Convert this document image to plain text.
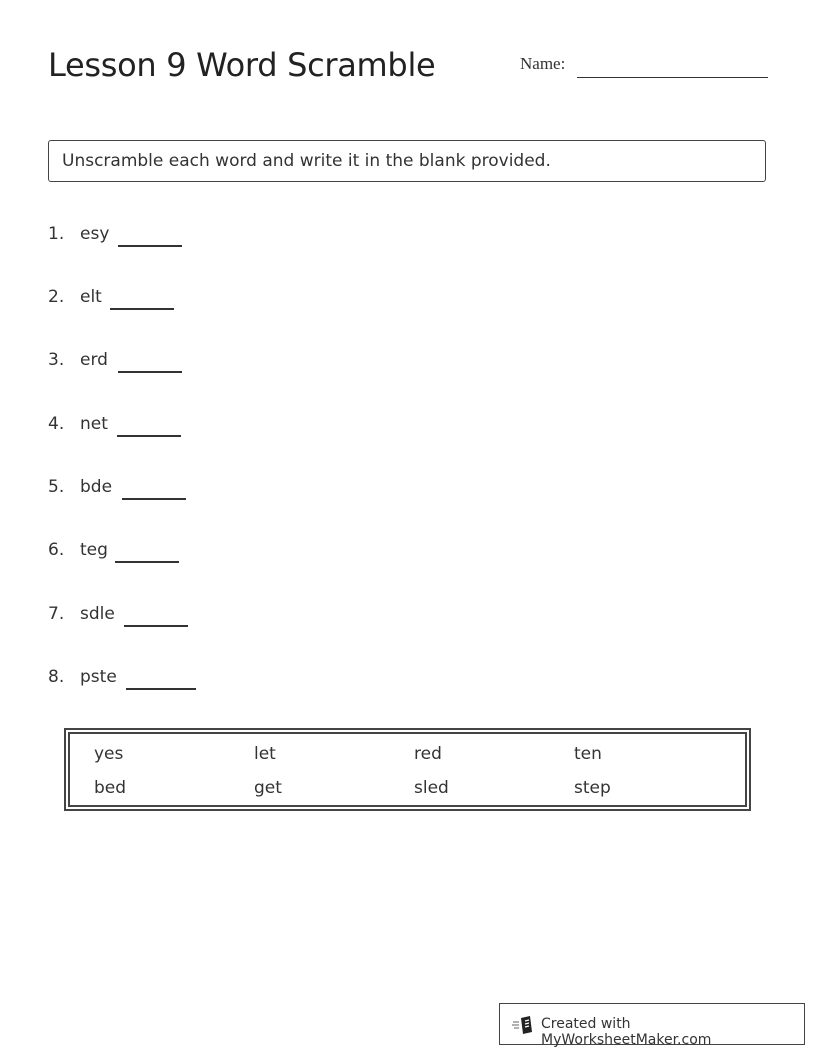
Lesson 9 Word Scramble	Name:
Unscramble each word and write it in the blank provided.
1. esy
2. elt
3. erd
4. net
5. bde
6. teg
7. sdle
8. pste
yes	let	red	ten
bed	get	sled	step
Created with MyWorksheetMaker.com
